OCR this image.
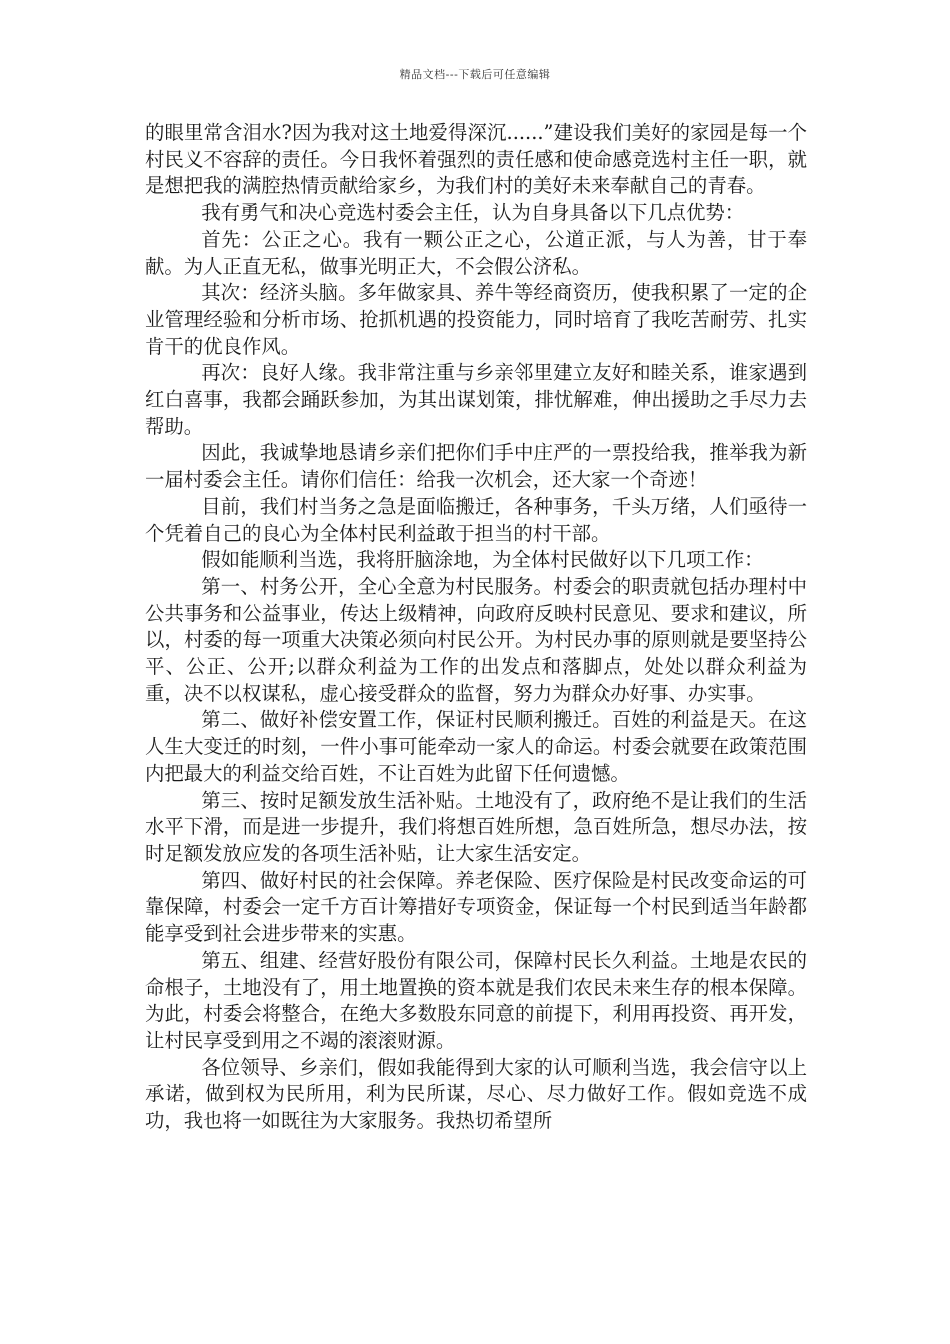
精品文档---下载后可任意编辑

的眼里常含泪水?因为我对这土地爱得深沉......”建设我们美好的家园是每一个村民义不容辞的责任。今日我怀着强烈的责任感和使命感竞选村主任一职，就是想把我的满腔热情贡献给家乡，为我们村的美好未来奉献自己的青春。

我有勇气和决心竞选村委会主任，认为自身具备以下几点优势：

首先：公正之心。我有一颗公正之心，公道正派，与人为善，甘于奉献。为人正直无私，做事光明正大，不会假公济私。

其次：经济头脑。多年做家具、养牛等经商资历，使我积累了一定的企业管理经验和分析市场、抢抓机遇的投资能力，同时培育了我吃苦耐劳、扎实肯干的优良作风。

再次：良好人缘。我非常注重与乡亲邻里建立友好和睦关系，谁家遇到红白喜事，我都会踊跃参加，为其出谋划策，排忧解难，伸出援助之手尽力去帮助。

因此，我诚挚地恳请乡亲们把你们手中庄严的一票投给我，推举我为新一届村委会主任。请你们信任：给我一次机会，还大家一个奇迹！

目前，我们村当务之急是面临搬迁，各种事务，千头万绪，人们亟待一个凭着自己的良心为全体村民利益敢于担当的村干部。

假如能顺利当选，我将肝脑涂地，为全体村民做好以下几项工作：

第一、村务公开，全心全意为村民服务。村委会的职责就包括办理村中公共事务和公益事业，传达上级精神，向政府反映村民意见、要求和建议，所以，村委的每一项重大决策必须向村民公开。为村民办事的原则就是要坚持公平、公正、公开;以群众利益为工作的出发点和落脚点，处处以群众利益为重，决不以权谋私，虚心接受群众的监督，努力为群众办好事、办实事。

第二、做好补偿安置工作，保证村民顺利搬迁。百姓的利益是天。在这人生大变迁的时刻，一件小事可能牵动一家人的命运。村委会就要在政策范围内把最大的利益交给百姓，不让百姓为此留下任何遗憾。

第三、按时足额发放生活补贴。土地没有了，政府绝不是让我们的生活水平下滑，而是进一步提升，我们将想百姓所想，急百姓所急，想尽办法，按时足额发放应发的各项生活补贴，让大家生活安定。

第四、做好村民的社会保障。养老保险、医疗保险是村民改变命运的可靠保障，村委会一定千方百计筹措好专项资金，保证每一个村民到适当年龄都能享受到社会进步带来的实惠。

第五、组建、经营好股份有限公司，保障村民长久利益。土地是农民的命根子，土地没有了，用土地置换的资本就是我们农民未来生存的根本保障。为此，村委会将整合，在绝大多数股东同意的前提下，利用再投资、再开发，让村民享受到用之不竭的滚滚财源。

各位领导、乡亲们，假如我能得到大家的认可顺利当选，我会信守以上承诺，做到权为民所用，利为民所谋，尽心、尽力做好工作。假如竞选不成功，我也将一如既往为大家服务。我热切希望所
